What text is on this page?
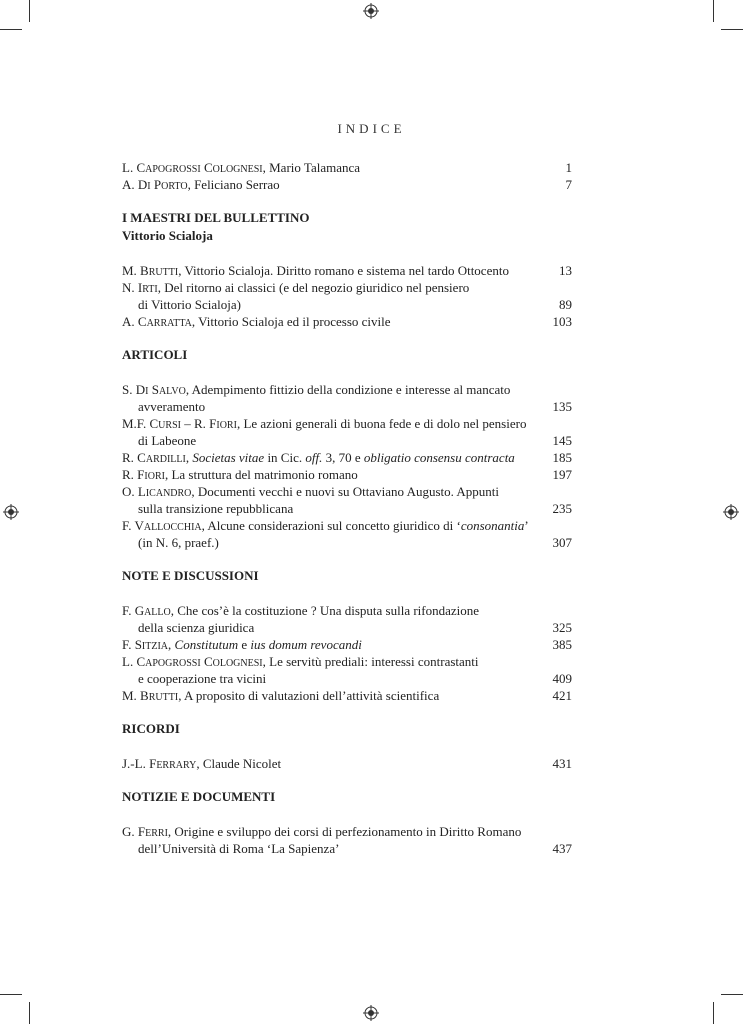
INDICE
L. CAPOGROSSI COLOGNESI, Mario Talamanca	1
A. DI PORTO, Feliciano Serrao	7
I MAESTRI DEL BULLETTINO
Vittorio Scialoja
M. BRUTTI, Vittorio Scialoja. Diritto romano e sistema nel tardo Ottocento	13
N. IRTI, Del ritorno ai classici (e del negozio giuridico nel pensiero
di Vittorio Scialoja)	89
A. CARRATTA, Vittorio Scialoja ed il processo civile	103
ARTICOLI
S. DI SALVO, Adempimento fittizio della condizione e interesse al mancato
avveramento	135
M.F. CURSI – R. FIORI, Le azioni generali di buona fede e di dolo nel pensiero
di Labeone	145
R. CARDILLI, Societas vitae in Cic. off. 3, 70 e obligatio consensu contracta	185
R. FIORI, La struttura del matrimonio romano	197
O. LICANDRO, Documenti vecchi e nuovi su Ottaviano Augusto. Appunti
sulla transizione repubblicana	235
F. VALLOCCHIA, Alcune considerazioni sul concetto giuridico di ‘consonantia’
(in N. 6, praef.)	307
NOTE E DISCUSSIONI
F. GALLO, Che cos’è la costituzione ? Una disputa sulla rifondazione
della scienza giuridica	325
F. SITZIA, Constitutum e ius domum revocandi	385
L. CAPOGROSSI COLOGNESI, Le servitù prediali: interessi contrastanti
e cooperazione tra vicini	409
M. BRUTTI, A proposito di valutazioni dell’attività scientifica	421
RICORDI
J.-L. FERRARY, Claude Nicolet	431
NOTIZIE E DOCUMENTI
G. FERRI, Origine e sviluppo dei corsi di perfezionamento in Diritto Romano
dell’Università di Roma ‘La Sapienza’	437
